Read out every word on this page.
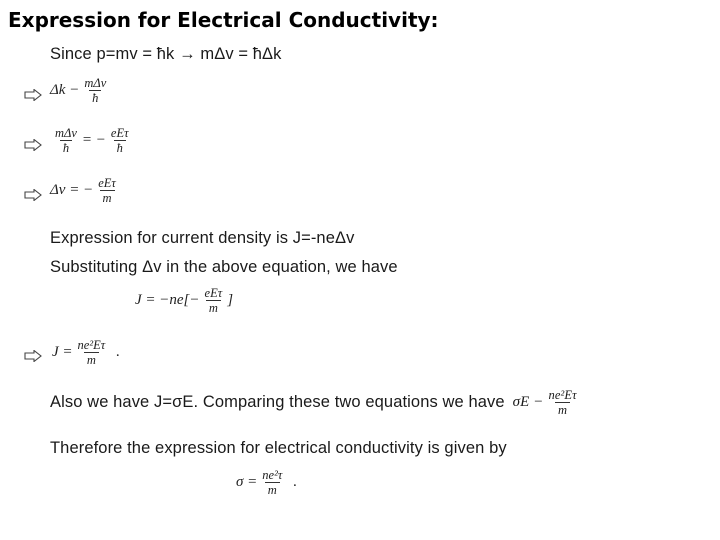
Expression for Electrical Conductivity:
Since p=mv = ħk → mΔv = ħΔk
$\Delta k - \frac{\text{mΔv}}{ħ}$
$\frac{\text{mΔv}}{ħ}$ = − $\frac{\text{eEτ}}{ħ}$
Δv = − $\frac{\text{eEτ}}{m}$
Expression for current density is J=-neΔv
Substituting Δv in the above equation, we have
$J = -ne[- \frac{\text{eEτ}}{m}$ ]
$J = \frac{\text{ne²Eτ}}{m}$ .
Also we have J=σE. Comparing these two equations we have $\sigma E - \frac{\text{ne²Eτ}}{m}$
Therefore the expression for electrical conductivity is given by
$\sigma = \frac{\text{ne²τ}}{m}$ .
